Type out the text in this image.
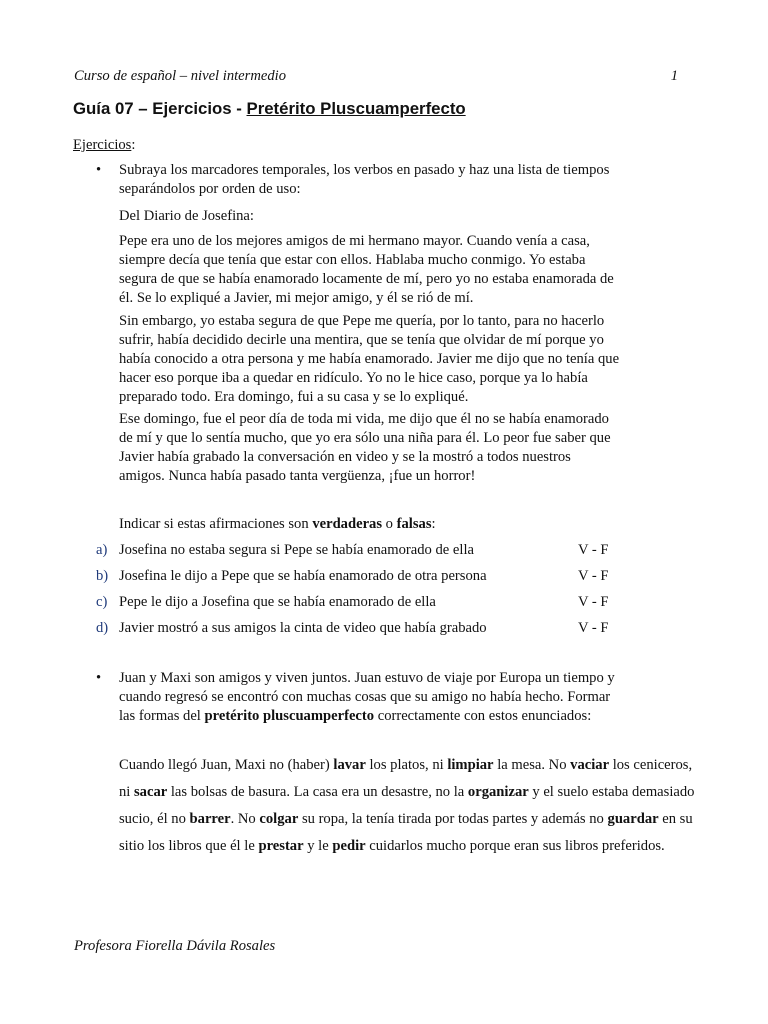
Curso de español – nivel intermedio	1
Guía 07 – Ejercicios - Pretérito Pluscuamperfecto
Ejercicios:
• Subraya los marcadores temporales, los verbos en pasado y haz una lista de tiempos

separándolos por orden de uso:

Del Diario de Josefina:

Pepe era uno de los mejores amigos de mi hermano mayor. Cuando venía a casa,

siempre decía que tenía que estar con ellos. Hablaba mucho conmigo. Yo estaba

segura de que se había enamorado locamente de mí, pero yo no estaba enamorada de

él. Se lo expliqué a Javier, mi mejor amigo, y él se rió de mí.

Sin embargo, yo estaba segura de que Pepe me quería, por lo tanto, para no hacerlo

sufrir, había decidido decirle una mentira, que se tenía que olvidar de mí porque yo

había conocido a otra persona y me había enamorado. Javier me dijo que no tenía que

hacer eso porque iba a quedar en ridículo. Yo no le hice caso, porque ya lo había

preparado todo. Era domingo, fui a su casa y se lo expliqué.

Ese domingo, fue el peor día de toda mi vida, me dijo que él no se había enamorado

de mí y que lo sentía mucho, que yo era sólo una niña para él. Lo peor fue saber que

Javier había grabado la conversación en video y se la mostró a todos nuestros

amigos. Nunca había pasado tanta vergüenza, ¡fue un horror!

Indicar si estas afirmaciones son verdaderas o falsas:
a) Josefina no estaba segura si Pepe se había enamorado de ella	V - F
b) Josefina le dijo a Pepe que se había enamorado de otra persona	V - F
c) Pepe le dijo a Josefina que se había enamorado de ella	V - F
d) Javier mostró a sus amigos la cinta de video que había grabado	V - F
• Juan y Maxi son amigos y viven juntos. Juan estuvo de viaje por Europa un tiempo y

cuando regresó se encontró con muchas cosas que su amigo no había hecho. Formar

las formas del pretérito pluscuamperfecto correctamente con estos enunciados:

Cuando llegó Juan, Maxi no (haber) lavar los platos, ni limpiar la mesa. No vaciar los ceniceros, ni sacar las bolsas de basura. La casa era un desastre, no la organizar y el suelo estaba demasiado sucio, él no barrer. No colgar su ropa, la tenía tirada por todas partes y además no guardar en su sitio los libros que él le prestar y le pedir cuidarlos mucho porque eran sus libros preferidos.
Profesora Fiorella Dávila Rosales
